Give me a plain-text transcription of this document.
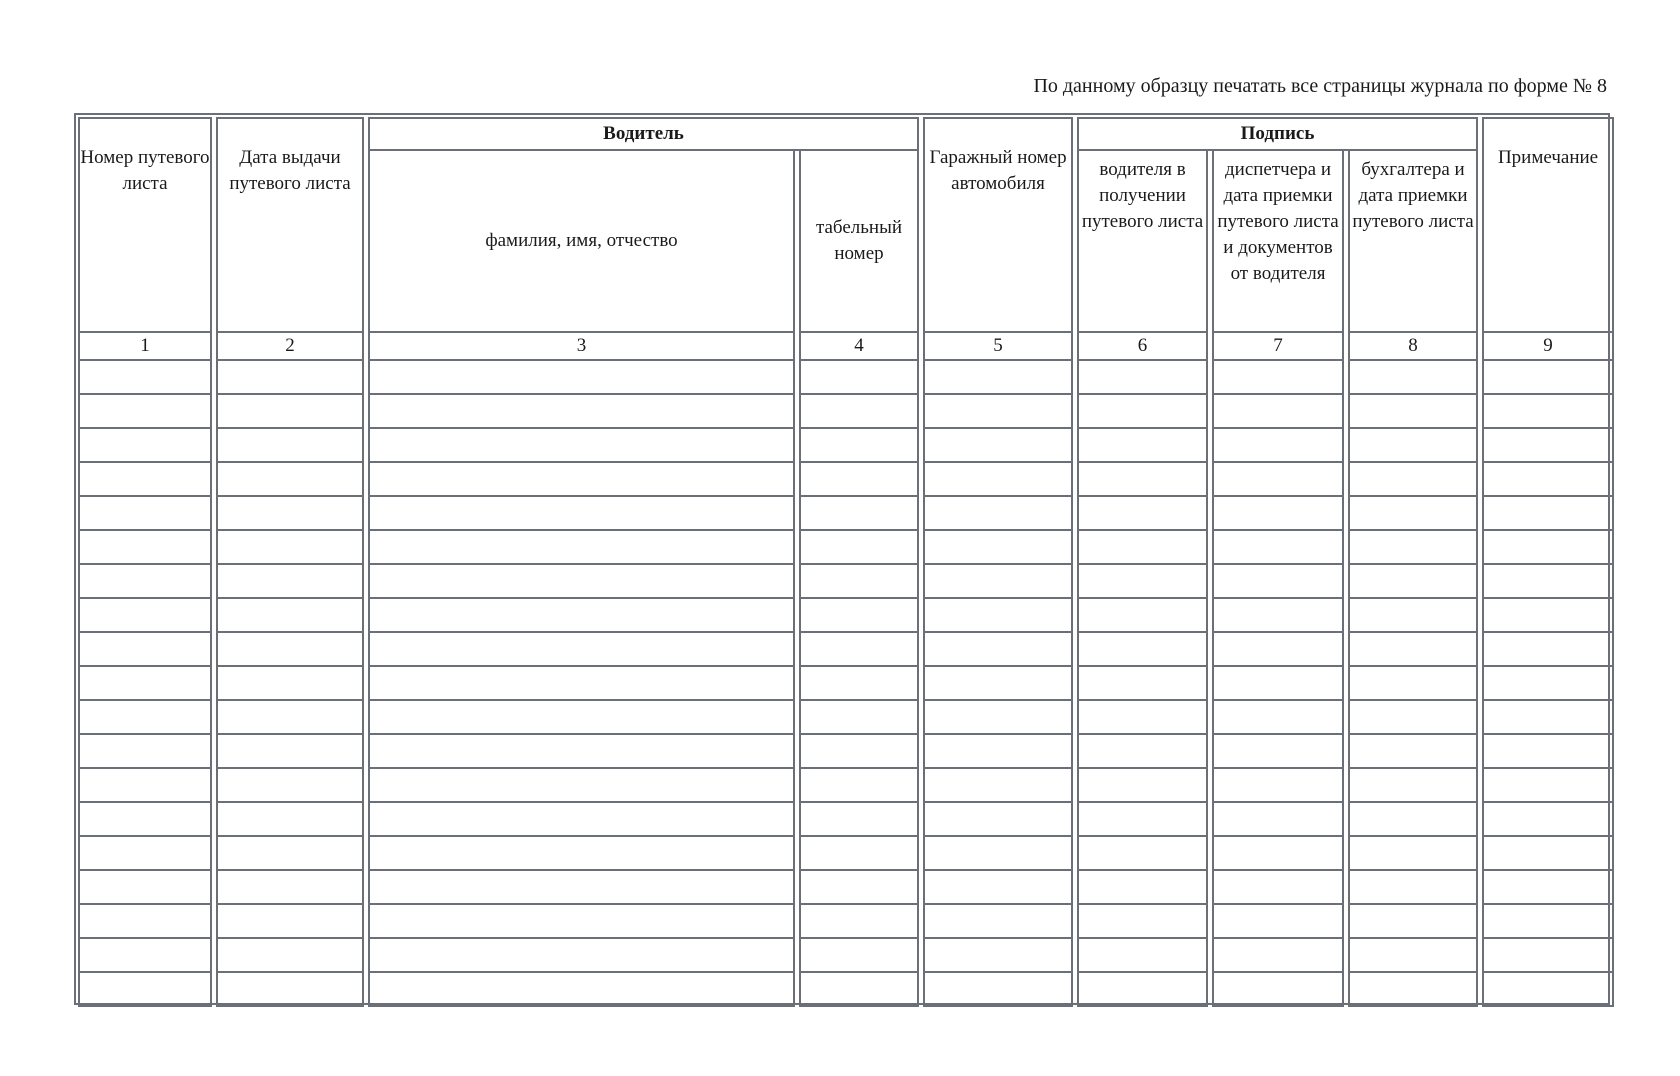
По данному образцу печатать все страницы журнала по форме № 8
Номер путевого листа	Дата выдачи путевого листа	Водитель		Гаражный номер автомобиля	Подпись			Примечание
		фамилия, имя, отчество	табельный номер		водителя в получении путевого листа	диспетчера и дата приемки путевого листа и документов от водителя	бухгалтера и дата приемки путевого листа	
1	2	3	4	5	6	7	8	9
